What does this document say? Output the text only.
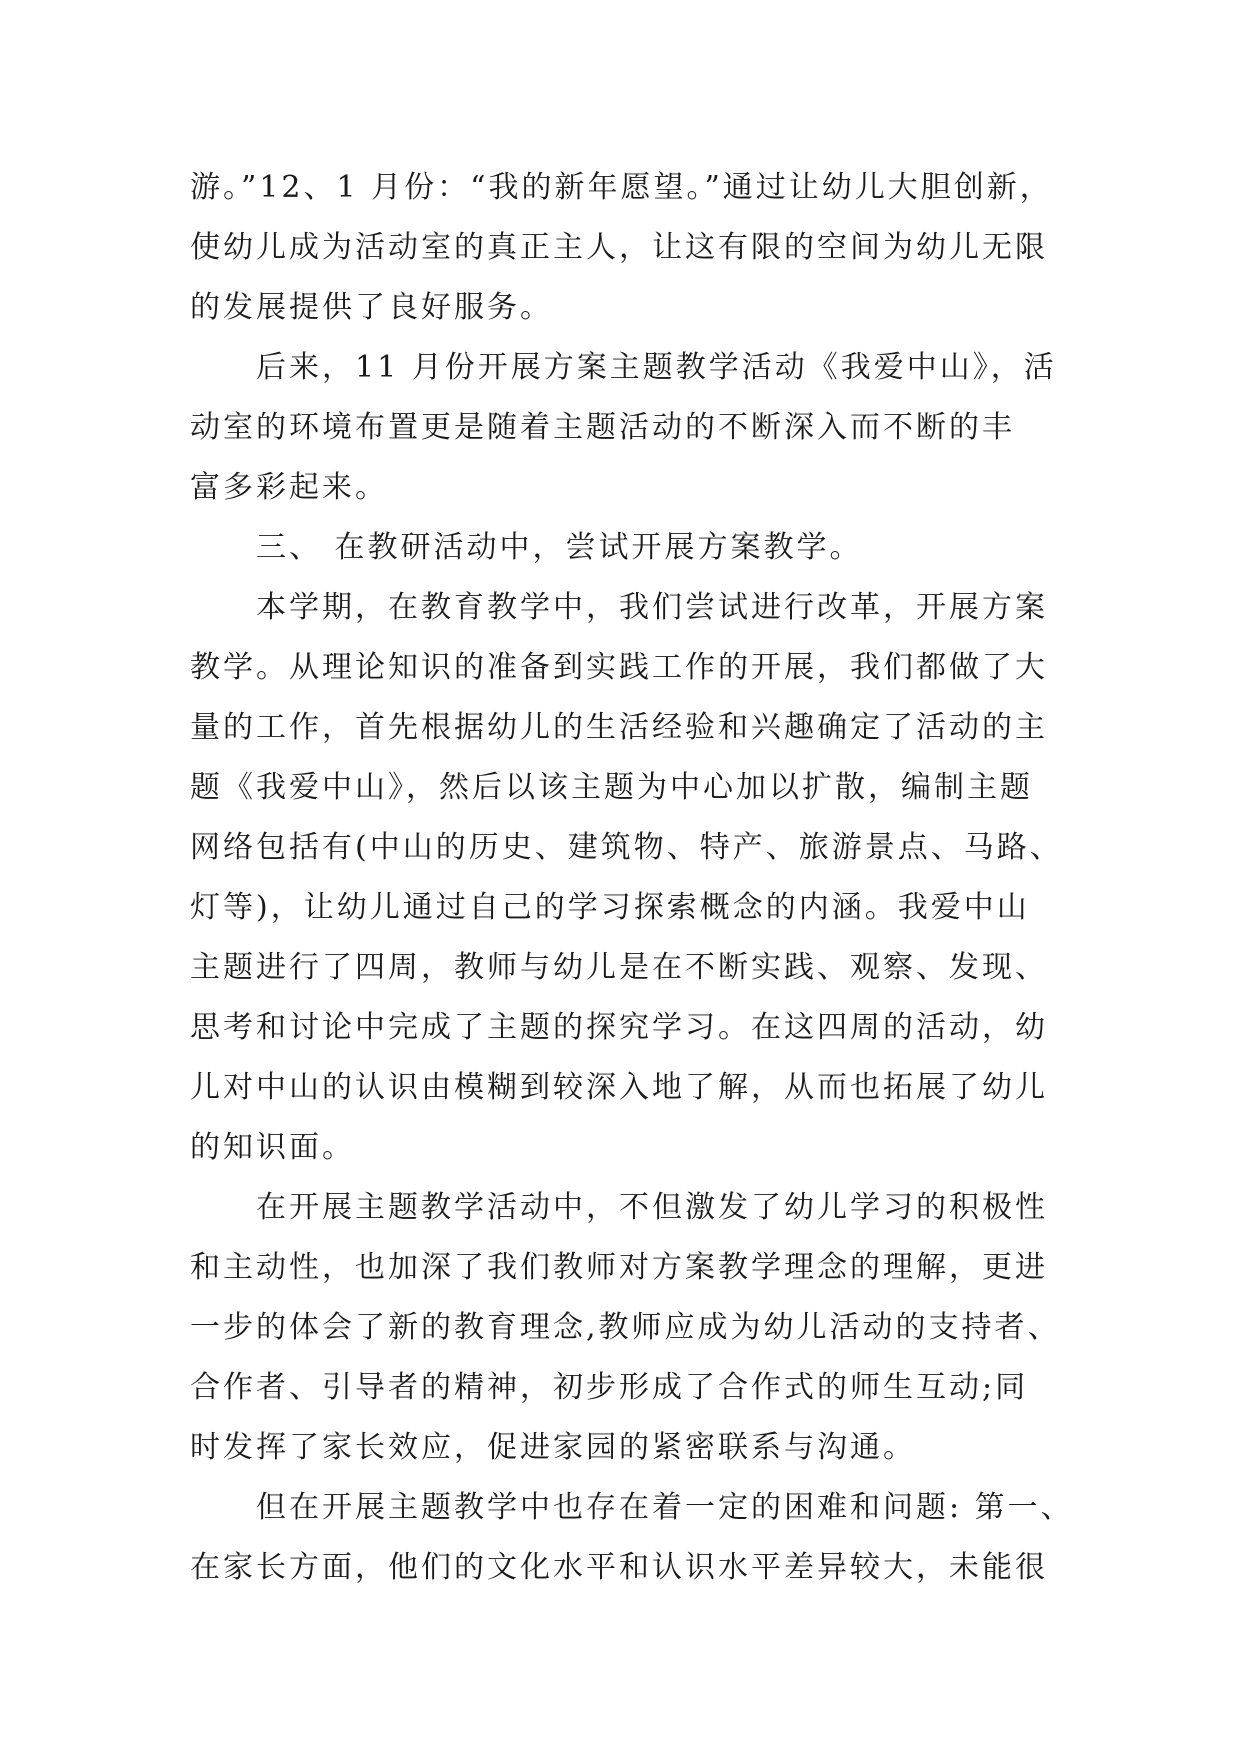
游。”12、1 月份：“我的新年愿望。”通过让幼儿大胆创新，
使幼儿成为活动室的真正主人，让这有限的空间为幼儿无限
的发展提供了良好服务。
后来，11 月份开展方案主题教学活动《我爱中山》，活
动室的环境布置更是随着主题活动的不断深入而不断的丰
富多彩起来。
三、 在教研活动中，尝试开展方案教学。
本学期，在教育教学中，我们尝试进行改革，开展方案
教学。从理论知识的准备到实践工作的开展，我们都做了大
量的工作，首先根据幼儿的生活经验和兴趣确定了活动的主
题《我爱中山》，然后以该主题为中心加以扩散，编制主题
网络包括有(中山的历史、建筑物、特产、旅游景点、马路、
灯等)，让幼儿通过自己的学习探索概念的内涵。我爱中山
主题进行了四周，教师与幼儿是在不断实践、观察、发现、
思考和讨论中完成了主题的探究学习。在这四周的活动，幼
儿对中山的认识由模糊到较深入地了解，从而也拓展了幼儿
的知识面。
在开展主题教学活动中，不但激发了幼儿学习的积极性
和主动性，也加深了我们教师对方案教学理念的理解，更进
一步的体会了新的教育理念,教师应成为幼儿活动的支持者、
合作者、引导者的精神，初步形成了合作式的师生互动;同
时发挥了家长效应，促进家园的紧密联系与沟通。
但在开展主题教学中也存在着一定的困难和问题: 第一、
在家长方面，他们的文化水平和认识水平差异较大，未能很
